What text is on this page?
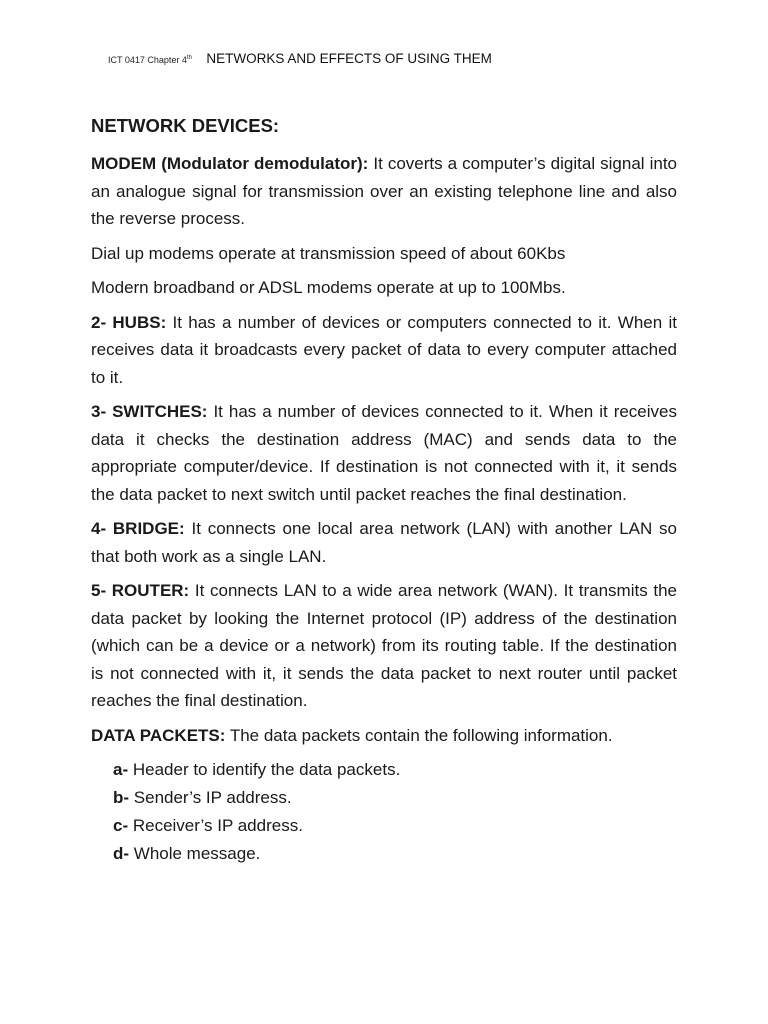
ICT 0417 Chapter 4th NETWORKS AND EFFECTS OF USING THEM
NETWORK DEVICES:

MODEM (Modulator demodulator): It coverts a computer’s digital signal into an analogue signal for transmission over an existing telephone line and also the reverse process.

Dial up modems operate at transmission speed of about 60Kbs

Modern broadband or ADSL modems operate at up to 100Mbs.

2- HUBS: It has a number of devices or computers connected to it. When it receives data it broadcasts every packet of data to every computer attached to it.

3- SWITCHES: It has a number of devices connected to it. When it receives data it checks the destination address (MAC) and sends data to the appropriate computer/device. If destination is not connected with it, it sends the data packet to next switch until packet reaches the final destination.

4- BRIDGE: It connects one local area network (LAN) with another LAN so that both work as a single LAN.

5- ROUTER: It connects LAN to a wide area network (WAN). It transmits the data packet by looking the Internet protocol (IP) address of the destination (which can be a device or a network) from its routing table. If the destination is not connected with it, it sends the data packet to next router until packet reaches the final destination.

DATA PACKETS: The data packets contain the following information.

a- Header to identify the data packets.
b- Sender’s IP address.
c- Receiver’s IP address.
d- Whole message.
